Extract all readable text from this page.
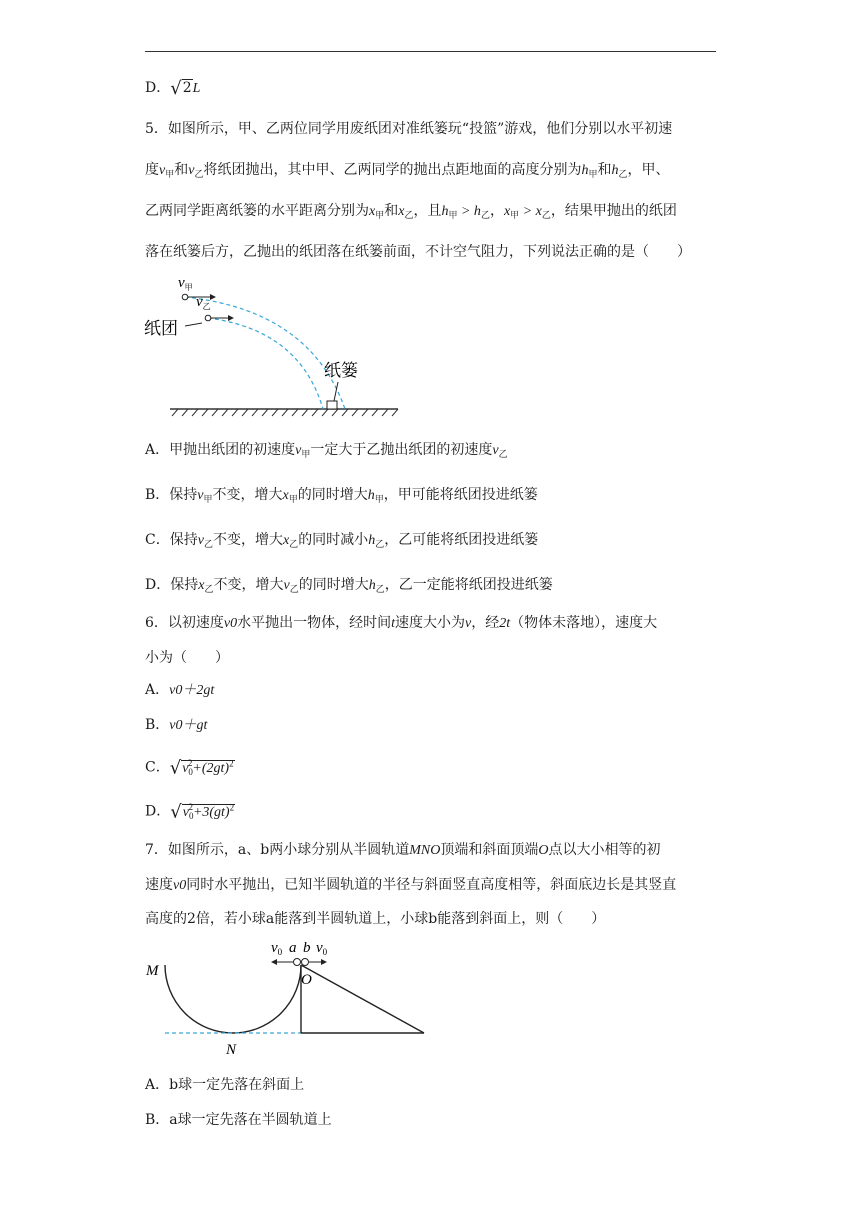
D．√2L
5．如图所示，甲、乙两位同学用废纸团对准纸篓玩“投篮”游戏，他们分别以水平初速
度$v_甲$和$v_乙$将纸团抛出，其中甲、乙两同学的抛出点距地面的高度分别为$h_甲$和$h_乙$，甲、
乙两同学距离纸篓的水平距离分别为$x_甲$和$x_乙$，且$h_甲 > h_乙$，$x_甲 > x_乙$，结果甲抛出的纸团
落在纸篓后方，乙抛出的纸团落在纸篓前面，不计空气阻力，下列说法正确的是（　　）
$v_甲$
$v_乙$
纸团
纸篓
A．甲抛出纸团的初速度$v_甲$一定大于乙抛出纸团的初速度$v_乙$
B．保持$v_甲$不变，增大$x_甲$的同时增大$h_甲$，甲可能将纸团投进纸篓
C．保持$v_乙$不变，增大$x_乙$的同时减小$h_乙$，乙可能将纸团投进纸篓
D．保持$x_乙$不变，增大$v_乙$的同时增大$h_乙$，乙一定能将纸团投进纸篓
6．以初速度v0水平抛出一物体，经时间t速度大小为v，经2t（物体未落地），速度大
小为（　　）
A．v0＋2gt
B．v0＋gt
C．$√v_0^2+(2gt)^2$
D．$√v_0^2+3(gt)^2$
7．如图所示，a、b两小球分别从半圆轨道MNO顶端和斜面顶端O点以大小相等的初
速度v0同时水平抛出，已知半圆轨道的半径与斜面竖直高度相等，斜面底边长是其竖直
高度的2倍，若小球a能落到半圆轨道上，小球b能落到斜面上，则（　　）
M
N
O
a b
$v_0$ $v_0$
A．b球一定先落在斜面上
B．a球一定先落在半圆轨道上
